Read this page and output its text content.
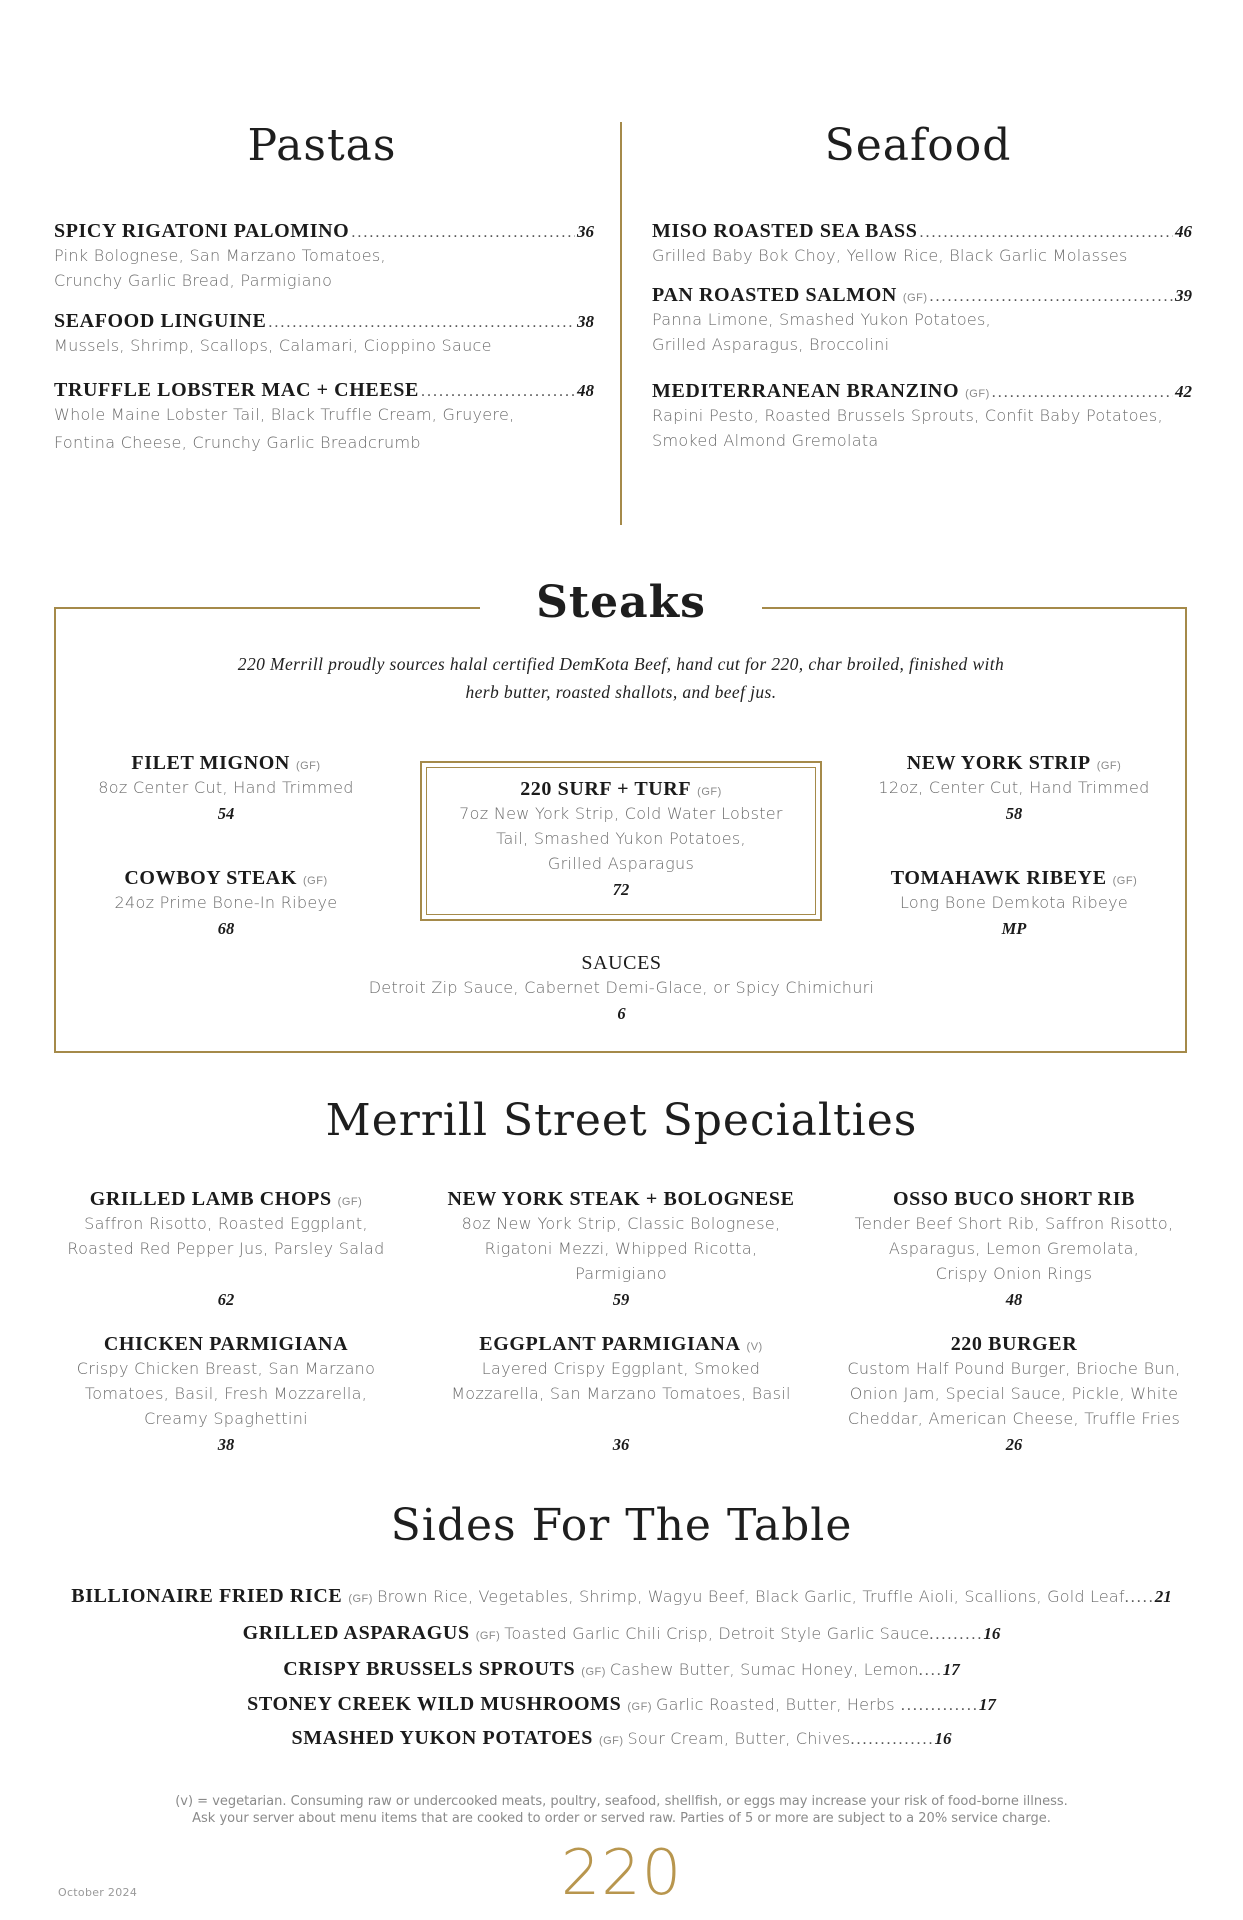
Pastas	Seafood
SPICY RIGATONI PALOMINO .....	36
Pink Bolognese, San Marzano Tomatoes,
Crunchy Garlic Bread, Parmigiano
SEAFOOD LINGUINE .....	38
Mussels, Shrimp, Scallops, Calamari, Cioppino Sauce
TRUFFLE LOBSTER MAC + CHEESE .....	48
Whole Maine Lobster Tail, Black Truffle Cream, Gruyere,
Fontina Cheese, Crunchy Garlic Breadcrumb
MISO ROASTED SEA BASS .....	46
Grilled Baby Bok Choy, Yellow Rice, Black Garlic Molasses
PAN ROASTED SALMON (GF) .....	39
Panna Limone, Smashed Yukon Potatoes,
Grilled Asparagus, Broccolini
MEDITERRANEAN BRANZINO (GF) .....	42
Rapini Pesto, Roasted Brussels Sprouts, Confit Baby Potatoes,
Smoked Almond Gremolata
Steaks
220 Merrill proudly sources halal certified DemKota Beef, hand cut for 220, char broiled, finished with
herb butter, roasted shallots, and beef jus.
FILET MIGNON (GF)
8oz Center Cut, Hand Trimmed
54
COWBOY STEAK (GF)
24oz Prime Bone-In Ribeye
68
220 SURF + TURF (GF)
7oz New York Strip, Cold Water Lobster
Tail, Smashed Yukon Potatoes,
Grilled Asparagus
72
NEW YORK STRIP (GF)
12oz, Center Cut, Hand Trimmed
58
TOMAHAWK RIBEYE (GF)
Long Bone Demkota Ribeye
MP
SAUCES
Detroit Zip Sauce, Cabernet Demi-Glace, or Spicy Chimichuri
6
Merrill Street Specialties
GRILLED LAMB CHOPS (GF)
Saffron Risotto, Roasted Eggplant,
Roasted Red Pepper Jus, Parsley Salad
62
NEW YORK STEAK + BOLOGNESE
8oz New York Strip, Classic Bolognese,
Rigatoni Mezzi, Whipped Ricotta,
Parmigiano
59
OSSO BUCO SHORT RIB
Tender Beef Short Rib, Saffron Risotto,
Asparagus, Lemon Gremolata,
Crispy Onion Rings
48
CHICKEN PARMIGIANA
Crispy Chicken Breast, San Marzano
Tomatoes, Basil, Fresh Mozzarella,
Creamy Spaghettini
38
EGGPLANT PARMIGIANA (V)
Layered Crispy Eggplant, Smoked
Mozzarella, San Marzano Tomatoes, Basil
36
220 BURGER
Custom Half Pound Burger, Brioche Bun,
Onion Jam, Special Sauce, Pickle, White
Cheddar, American Cheese, Truffle Fries
26
Sides For The Table
BILLIONAIRE FRIED RICE (GF) Brown Rice, Vegetables, Shrimp, Wagyu Beef, Black Garlic, Truffle Aioli, Scallions, Gold Leaf.....21
GRILLED ASPARAGUS (GF) Toasted Garlic Chili Crisp, Detroit Style Garlic Sauce.........16
CRISPY BRUSSELS SPROUTS (GF) Cashew Butter, Sumac Honey, Lemon....17
STONEY CREEK WILD MUSHROOMS (GF) Garlic Roasted, Butter, Herbs .............17
SMASHED YUKON POTATOES (GF) Sour Cream, Butter, Chives..............16
(v) = vegetarian. Consuming raw or undercooked meats, poultry, seafood, shellfish, or eggs may increase your risk of food-borne illness.
Ask your server about menu items that are cooked to order or served raw. Parties of 5 or more are subject to a 20% service charge.
October 2024	220
